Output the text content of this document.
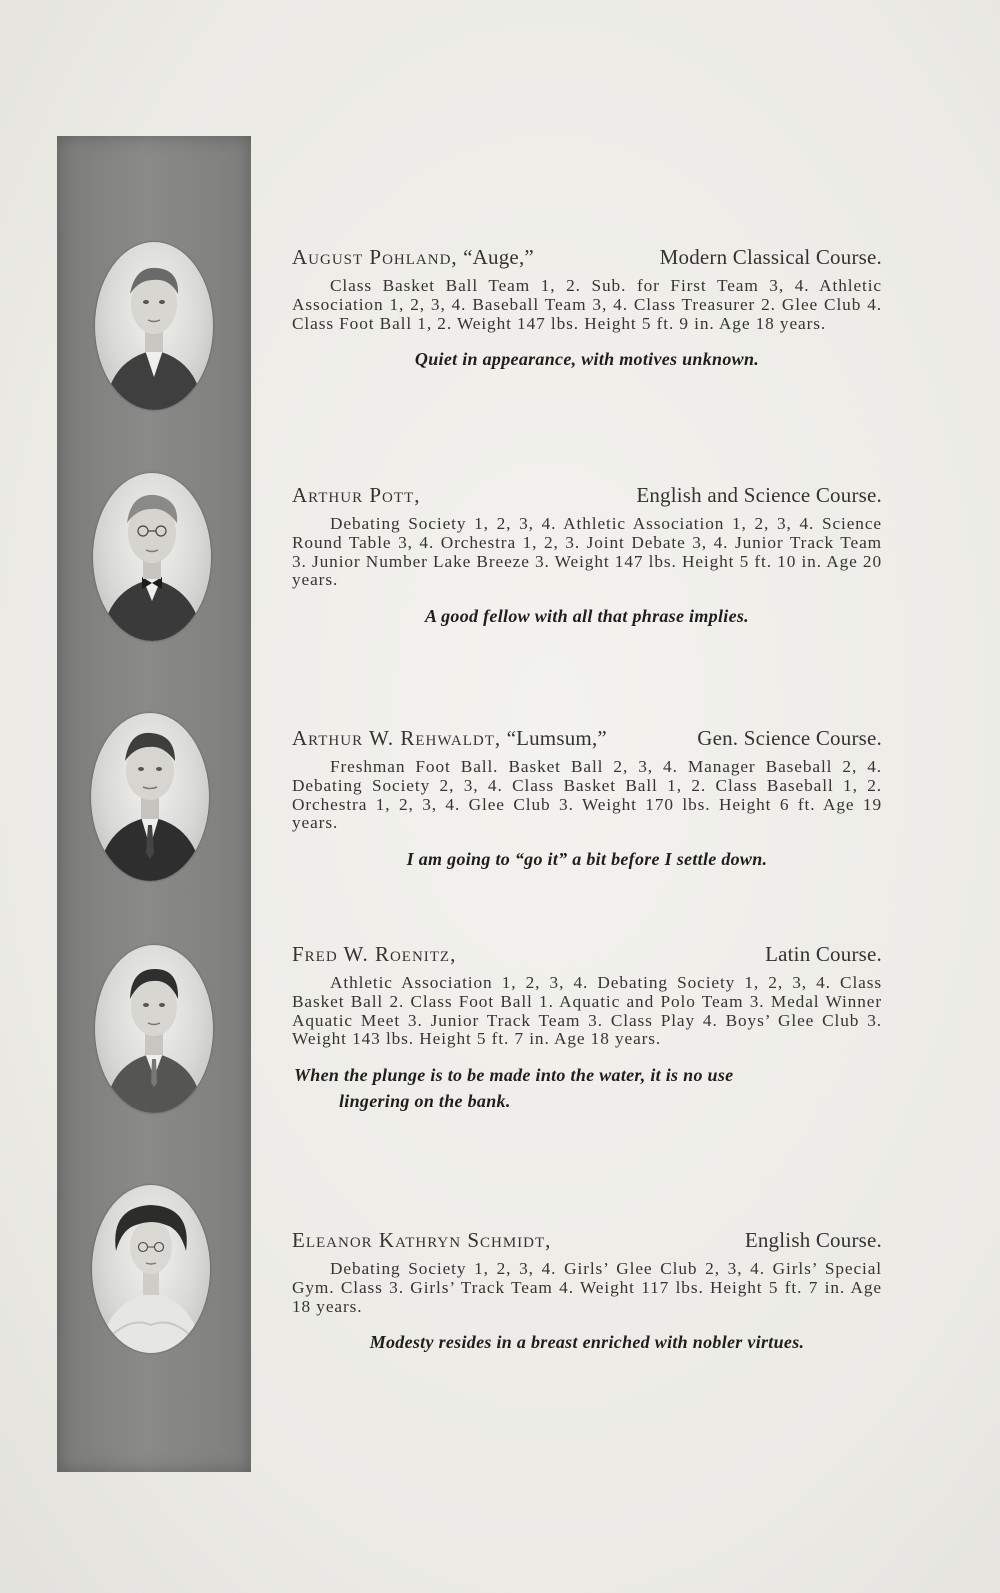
August Pohland, “Auge,”	Modern Classical Course.
Class Basket Ball Team 1, 2. Sub. for First Team 3, 4. Athletic Association 1, 2, 3, 4. Baseball Team 3, 4. Class Treasurer 2. Glee Club 4. Class Foot Ball 1, 2. Weight 147 lbs. Height 5 ft. 9 in. Age 18 years.
Quiet in appearance, with motives unknown.
Arthur Pott,	English and Science Course.
Debating Society 1, 2, 3, 4. Athletic Association 1, 2, 3, 4. Science Round Table 3, 4. Orchestra 1, 2, 3. Joint Debate 3, 4. Junior Track Team 3. Junior Number Lake Breeze 3. Weight 147 lbs. Height 5 ft. 10 in. Age 20 years.
A good fellow with all that phrase implies.
Arthur W. Rehwaldt, “Lumsum,”	Gen. Science Course.
Freshman Foot Ball. Basket Ball 2, 3, 4. Manager Baseball 2, 4. Debating Society 2, 3, 4. Class Basket Ball 1, 2. Class Baseball 1, 2. Orchestra 1, 2, 3, 4. Glee Club 3. Weight 170 lbs. Height 6 ft. Age 19 years.
I am going to “go it” a bit before I settle down.
Fred W. Roenitz,	Latin Course.
Athletic Association 1, 2, 3, 4. Debating Society 1, 2, 3, 4. Class Basket Ball 2. Class Foot Ball 1. Aquatic and Polo Team 3. Medal Winner Aquatic Meet 3. Junior Track Team 3. Class Play 4. Boys’ Glee Club 3. Weight 143 lbs. Height 5 ft. 7 in. Age 18 years.
When the plunge is to be made into the water, it is no use
lingering on the bank.
Eleanor Kathryn Schmidt,	English Course.
Debating Society 1, 2, 3, 4. Girls’ Glee Club 2, 3, 4. Girls’ Special Gym. Class 3. Girls’ Track Team 4. Weight 117 lbs. Height 5 ft. 7 in. Age 18 years.
Modesty resides in a breast enriched with nobler virtues.
